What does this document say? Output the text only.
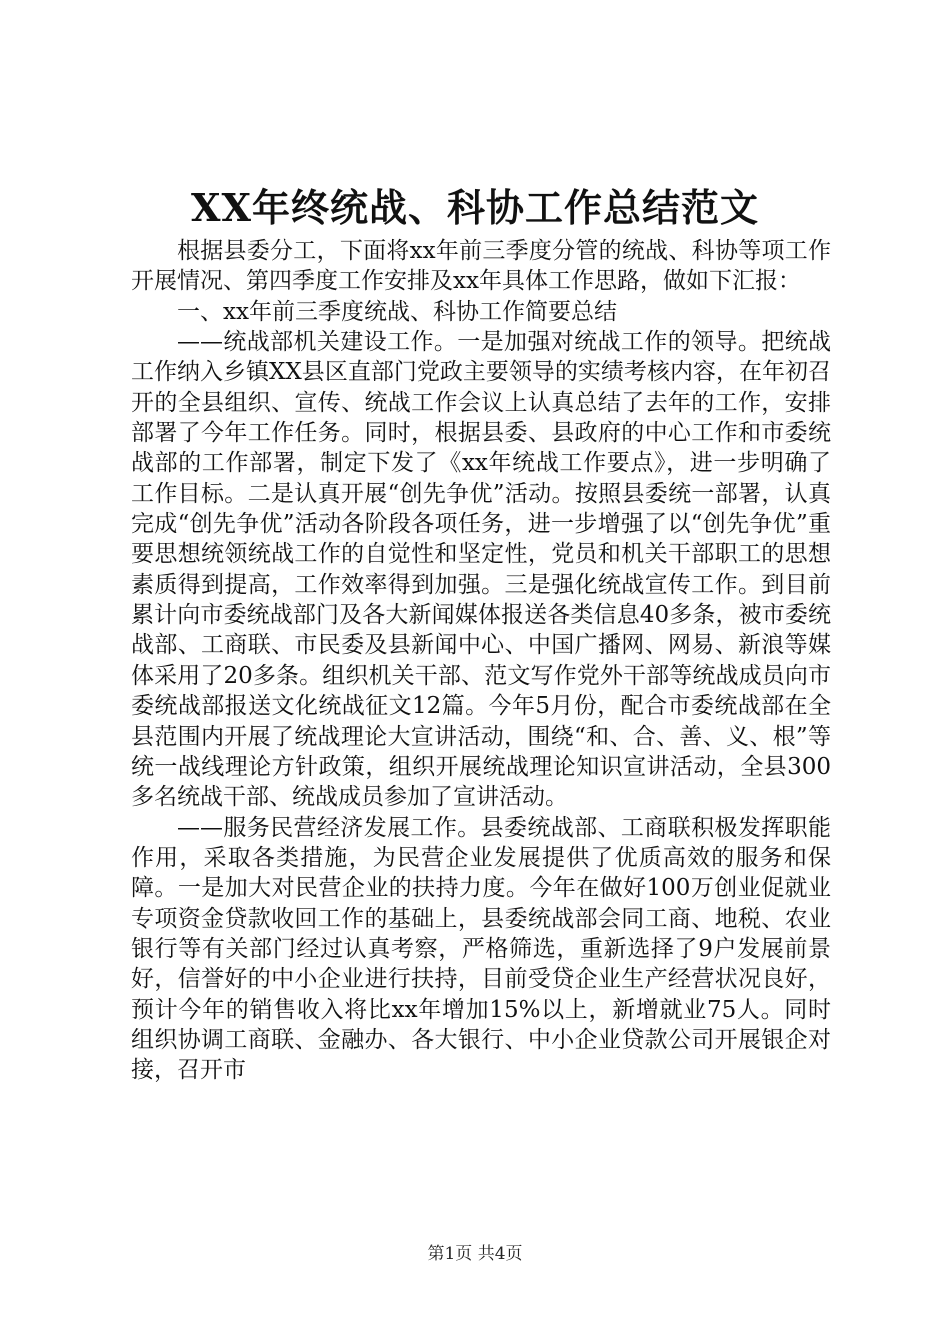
XX年终统战、科协工作总结范文

根据县委分工，下面将xx年前三季度分管的统战、科协等项工作开展情况、第四季度工作安排及xx年具体工作思路，做如下汇报：

一、xx年前三季度统战、科协工作简要总结

——统战部机关建设工作。一是加强对统战工作的领导。把统战工作纳入乡镇XX县区直部门党政主要领导的实绩考核内容，在年初召开的全县组织、宣传、统战工作会议上认真总结了去年的工作，安排部署了今年工作任务。同时，根据县委、县政府的中心工作和市委统战部的工作部署，制定下发了《xx年统战工作要点》，进一步明确了工作目标。二是认真开展“创先争优”活动。按照县委统一部署，认真完成“创先争优”活动各阶段各项任务，进一步增强了以“创先争优”重要思想统领统战工作的自觉性和坚定性，党员和机关干部职工的思想素质得到提高，工作效率得到加强。三是强化统战宣传工作。到目前累计向市委统战部门及各大新闻媒体报送各类信息40多条，被市委统战部、工商联、市民委及县新闻中心、中国广播网、网易、新浪等媒体采用了20多条。组织机关干部、范文写作党外干部等统战成员向市委统战部报送文化统战征文12篇。今年5月份，配合市委统战部在全县范围内开展了统战理论大宣讲活动，围绕“和、合、善、义、根”等统一战线理论方针政策，组织开展统战理论知识宣讲活动，全县300多名统战干部、统战成员参加了宣讲活动。

——服务民营经济发展工作。县委统战部、工商联积极发挥职能作用，采取各类措施，为民营企业发展提供了优质高效的服务和保障。一是加大对民营企业的扶持力度。今年在做好100万创业促就业专项资金贷款收回工作的基础上，县委统战部会同工商、地税、农业银行等有关部门经过认真考察，严格筛选，重新选择了9户发展前景好，信誉好的中小企业进行扶持，目前受贷企业生产经营状况良好，预计今年的销售收入将比xx年增加15%以上，新增就业75人。同时组织协调工商联、金融办、各大银行、中小企业贷款公司开展银企对接，召开市

第1页 共4页
